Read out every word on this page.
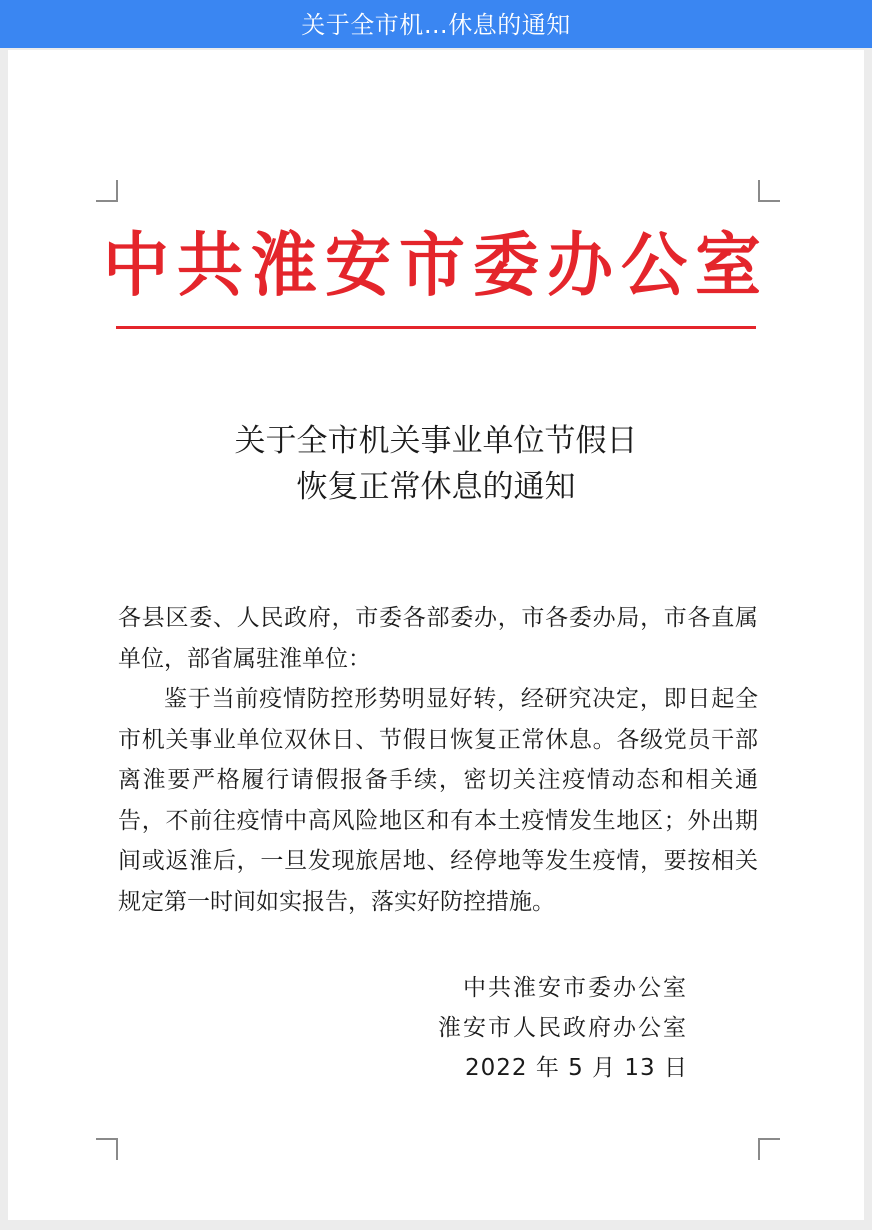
关于全市机…休息的通知
中共淮安市委办公室
关于全市机关事业单位节假日
恢复正常休息的通知

各县区委、人民政府，市委各部委办，市各委办局，市各直属单位，部省属驻淮单位：

鉴于当前疫情防控形势明显好转，经研究决定，即日起全市机关事业单位双休日、节假日恢复正常休息。各级党员干部离淮要严格履行请假报备手续，密切关注疫情动态和相关通告，不前往疫情中高风险地区和有本土疫情发生地区；外出期间或返淮后，一旦发现旅居地、经停地等发生疫情，要按相关规定第一时间如实报告，落实好防控措施。

中共淮安市委办公室
淮安市人民政府办公室
2022 年 5 月 13 日
